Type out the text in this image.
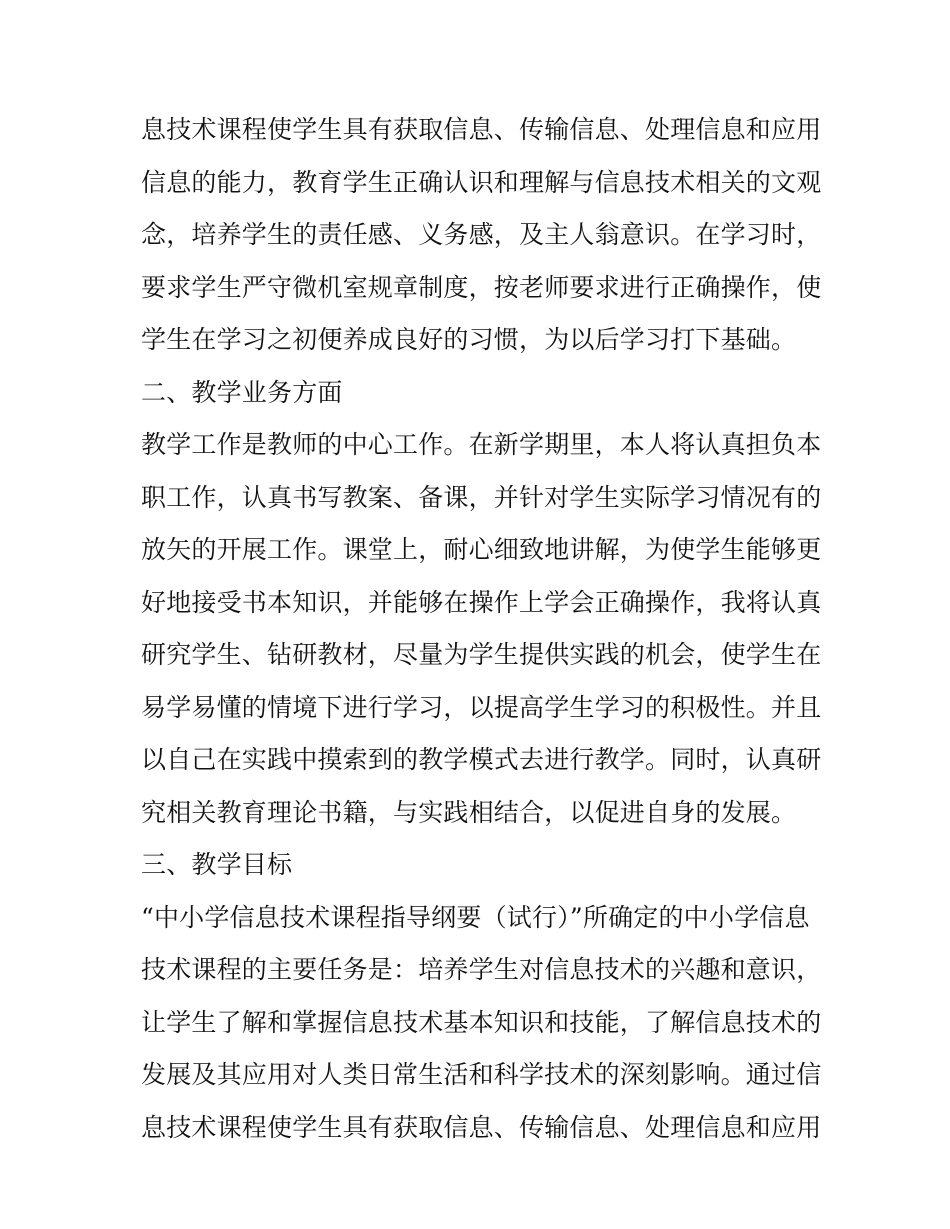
息技术课程使学生具有获取信息、传输信息、处理信息和应用
信息的能力，教育学生正确认识和理解与信息技术相关的文观
念，培养学生的责任感、义务感，及主人翁意识。在学习时，
要求学生严守微机室规章制度，按老师要求进行正确操作，使
学生在学习之初便养成良好的习惯，为以后学习打下基础。
二、教学业务方面
教学工作是教师的中心工作。在新学期里，本人将认真担负本
职工作，认真书写教案、备课，并针对学生实际学习情况有的
放矢的开展工作。课堂上，耐心细致地讲解，为使学生能够更
好地接受书本知识，并能够在操作上学会正确操作，我将认真
研究学生、钻研教材，尽量为学生提供实践的机会，使学生在
易学易懂的情境下进行学习，以提高学生学习的积极性。并且
以自己在实践中摸索到的教学模式去进行教学。同时，认真研
究相关教育理论书籍，与实践相结合，以促进自身的发展。
三、教学目标
“中小学信息技术课程指导纲要（试行）”所确定的中小学信息
技术课程的主要任务是：培养学生对信息技术的兴趣和意识，
让学生了解和掌握信息技术基本知识和技能，了解信息技术的
发展及其应用对人类日常生活和科学技术的深刻影响。通过信
息技术课程使学生具有获取信息、传输信息、处理信息和应用
